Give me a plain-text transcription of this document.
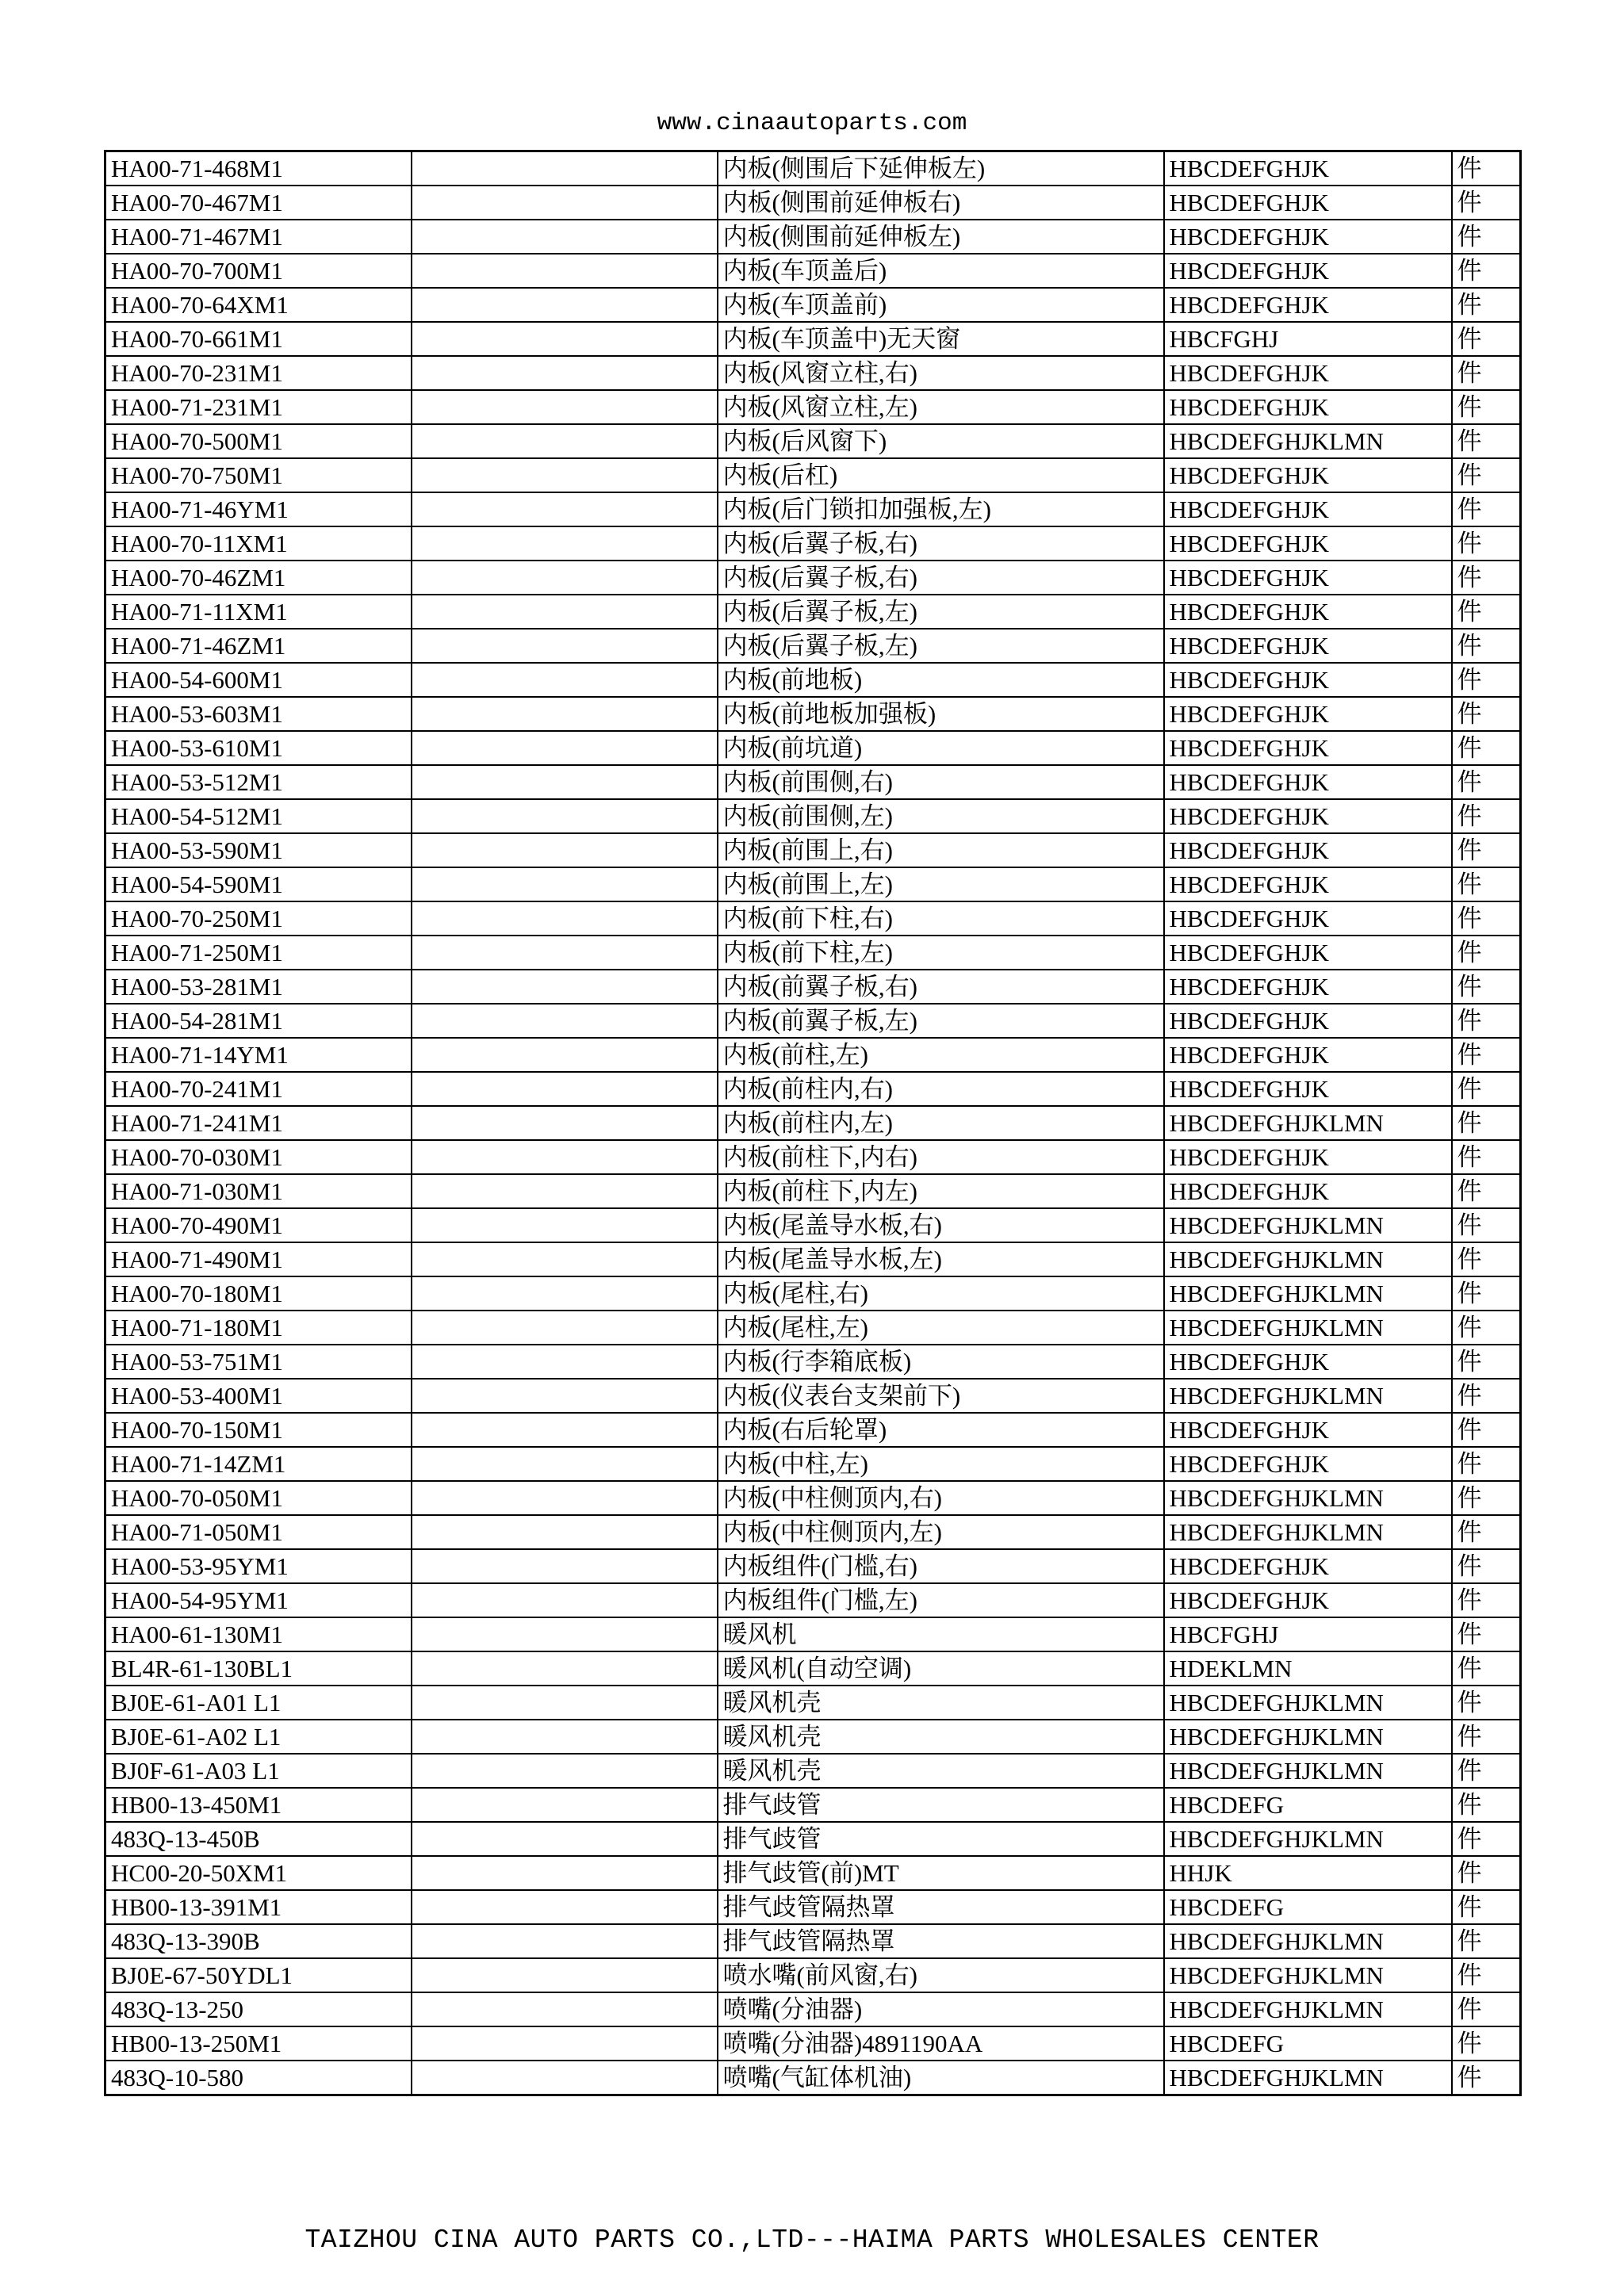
www.cinaautoparts.com
HA00-71-468M1		内板(侧围后下延伸板左)	HBCDEFGHJK	件
HA00-70-467M1		内板(侧围前延伸板右)	HBCDEFGHJK	件
HA00-71-467M1		内板(侧围前延伸板左)	HBCDEFGHJK	件
HA00-70-700M1		内板(车顶盖后)	HBCDEFGHJK	件
HA00-70-64XM1		内板(车顶盖前)	HBCDEFGHJK	件
HA00-70-661M1		内板(车顶盖中)无天窗	HBCFGHJ	件
HA00-70-231M1		内板(风窗立柱,右)	HBCDEFGHJK	件
HA00-71-231M1		内板(风窗立柱,左)	HBCDEFGHJK	件
HA00-70-500M1		内板(后风窗下)	HBCDEFGHJKLMN	件
HA00-70-750M1		内板(后杠)	HBCDEFGHJK	件
HA00-71-46YM1		内板(后门锁扣加强板,左)	HBCDEFGHJK	件
HA00-70-11XM1		内板(后翼子板,右)	HBCDEFGHJK	件
HA00-70-46ZM1		内板(后翼子板,右)	HBCDEFGHJK	件
HA00-71-11XM1		内板(后翼子板,左)	HBCDEFGHJK	件
HA00-71-46ZM1		内板(后翼子板,左)	HBCDEFGHJK	件
HA00-54-600M1		内板(前地板)	HBCDEFGHJK	件
HA00-53-603M1		内板(前地板加强板)	HBCDEFGHJK	件
HA00-53-610M1		内板(前坑道)	HBCDEFGHJK	件
HA00-53-512M1		内板(前围侧,右)	HBCDEFGHJK	件
HA00-54-512M1		内板(前围侧,左)	HBCDEFGHJK	件
HA00-53-590M1		内板(前围上,右)	HBCDEFGHJK	件
HA00-54-590M1		内板(前围上,左)	HBCDEFGHJK	件
HA00-70-250M1		内板(前下柱,右)	HBCDEFGHJK	件
HA00-71-250M1		内板(前下柱,左)	HBCDEFGHJK	件
HA00-53-281M1		内板(前翼子板,右)	HBCDEFGHJK	件
HA00-54-281M1		内板(前翼子板,左)	HBCDEFGHJK	件
HA00-71-14YM1		内板(前柱,左)	HBCDEFGHJK	件
HA00-70-241M1		内板(前柱内,右)	HBCDEFGHJK	件
HA00-71-241M1		内板(前柱内,左)	HBCDEFGHJKLMN	件
HA00-70-030M1		内板(前柱下,内右)	HBCDEFGHJK	件
HA00-71-030M1		内板(前柱下,内左)	HBCDEFGHJK	件
HA00-70-490M1		内板(尾盖导水板,右)	HBCDEFGHJKLMN	件
HA00-71-490M1		内板(尾盖导水板,左)	HBCDEFGHJKLMN	件
HA00-70-180M1		内板(尾柱,右)	HBCDEFGHJKLMN	件
HA00-71-180M1		内板(尾柱,左)	HBCDEFGHJKLMN	件
HA00-53-751M1		内板(行李箱底板)	HBCDEFGHJK	件
HA00-53-400M1		内板(仪表台支架前下)	HBCDEFGHJKLMN	件
HA00-70-150M1		内板(右后轮罩)	HBCDEFGHJK	件
HA00-71-14ZM1		内板(中柱,左)	HBCDEFGHJK	件
HA00-70-050M1		内板(中柱侧顶内,右)	HBCDEFGHJKLMN	件
HA00-71-050M1		内板(中柱侧顶内,左)	HBCDEFGHJKLMN	件
HA00-53-95YM1		内板组件(门槛,右)	HBCDEFGHJK	件
HA00-54-95YM1		内板组件(门槛,左)	HBCDEFGHJK	件
HA00-61-130M1		暖风机	HBCFGHJ	件
BL4R-61-130BL1		暖风机(自动空调)	HDEKLMN	件
BJ0E-61-A01 L1		暖风机壳	HBCDEFGHJKLMN	件
BJ0E-61-A02 L1		暖风机壳	HBCDEFGHJKLMN	件
BJ0F-61-A03 L1		暖风机壳	HBCDEFGHJKLMN	件
HB00-13-450M1		排气歧管	HBCDEFG	件
483Q-13-450B		排气歧管	HBCDEFGHJKLMN	件
HC00-20-50XM1		排气歧管(前)MT	HHJK	件
HB00-13-391M1		排气歧管隔热罩	HBCDEFG	件
483Q-13-390B		排气歧管隔热罩	HBCDEFGHJKLMN	件
BJ0E-67-50YDL1		喷水嘴(前风窗,右)	HBCDEFGHJKLMN	件
483Q-13-250		喷嘴(分油器)	HBCDEFGHJKLMN	件
HB00-13-250M1		喷嘴(分油器)4891190AA	HBCDEFG	件
483Q-10-580		喷嘴(气缸体机油)	HBCDEFGHJKLMN	件
TAIZHOU CINA AUTO PARTS CO.,LTD---HAIMA PARTS WHOLESALES CENTER
